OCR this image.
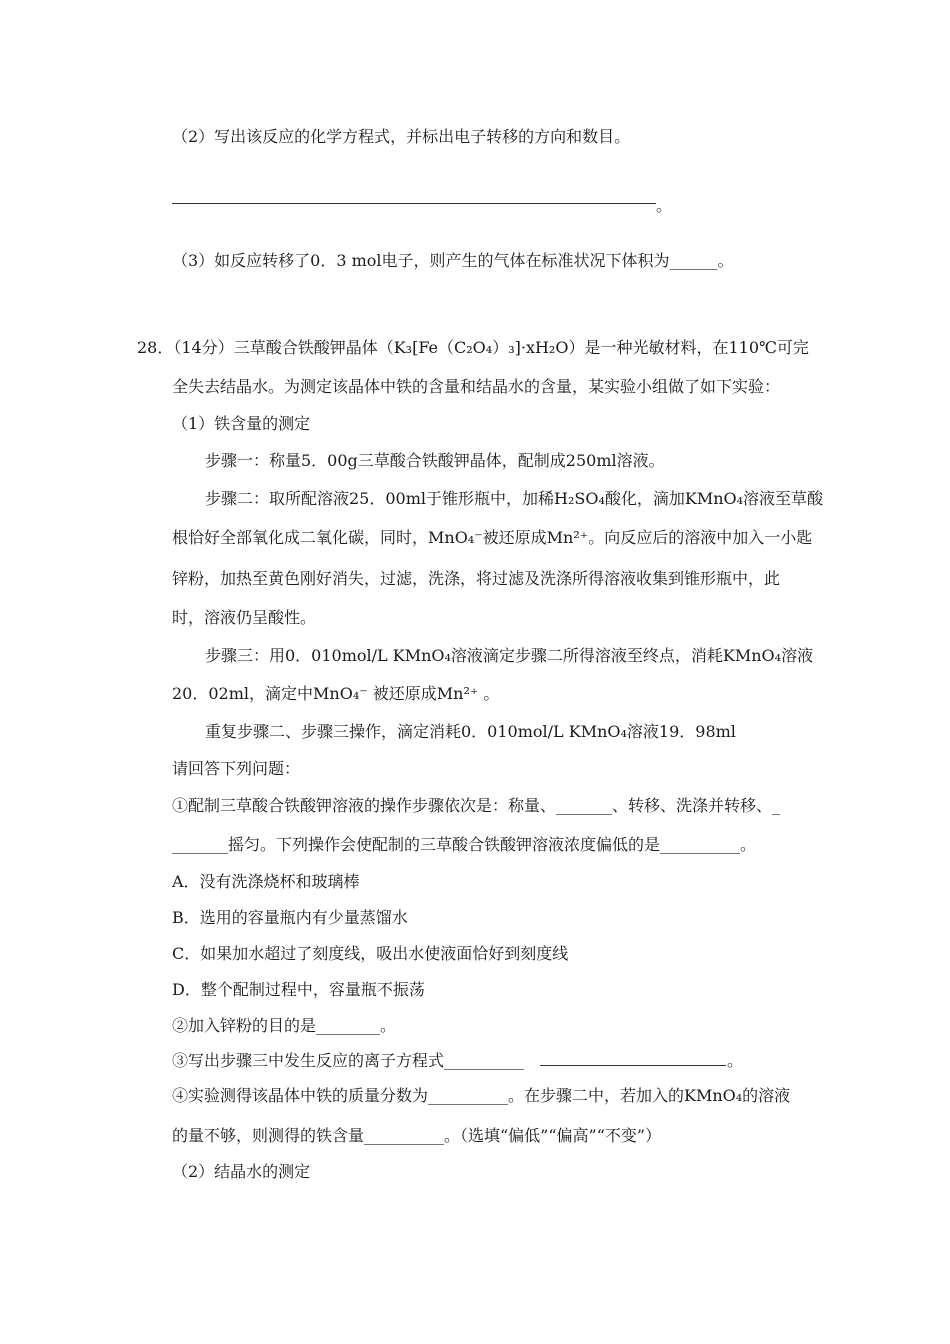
（2）写出该反应的化学方程式，并标出电子转移的方向和数目。
。
（3）如反应转移了0．3 mol电子，则产生的气体在标准状况下体积为______。
28．（14分）三草酸合铁酸钾晶体（K₃[Fe（C₂O₄）₃]·xH₂O）是一种光敏材料，在110℃可完
全失去结晶水。为测定该晶体中铁的含量和结晶水的含量，某实验小组做了如下实验：
（1）铁含量的测定
步骤一：称量5．00g三草酸合铁酸钾晶体，配制成250ml溶液。
步骤二：取所配溶液25．00ml于锥形瓶中，加稀H₂SO₄酸化，滴加KMnO₄溶液至草酸
根恰好全部氧化成二氧化碳，同时，MnO₄⁻被还原成Mn²⁺。向反应后的溶液中加入一小匙
锌粉，加热至黄色刚好消失，过滤，洗涤，将过滤及洗涤所得溶液收集到锥形瓶中，此
时，溶液仍呈酸性。
步骤三：用0．010mol/L KMnO₄溶液滴定步骤二所得溶液至终点，消耗KMnO₄溶液
20．02ml，滴定中MnO₄⁻ 被还原成Mn²⁺ 。
重复步骤二、步骤三操作，滴定消耗0．010mol/L KMnO₄溶液19．98ml
请回答下列问题：
①配制三草酸合铁酸钾溶液的操作步骤依次是：称量、_______、转移、洗涤并转移、_
_______摇匀。下列操作会使配制的三草酸合铁酸钾溶液浓度偏低的是__________。
A．没有洗涤烧杯和玻璃棒
B．选用的容量瓶内有少量蒸馏水
C．如果加水超过了刻度线，吸出水使液面恰好到刻度线
D．整个配制过程中，容量瓶不振荡
②加入锌粉的目的是________。
③写出步骤三中发生反应的离子方程式__________	。
④实验测得该晶体中铁的质量分数为__________。在步骤二中，若加入的KMnO₄的溶液
的量不够，则测得的铁含量__________。（选填“偏低”“偏高”“不变”）
（2）结晶水的测定
